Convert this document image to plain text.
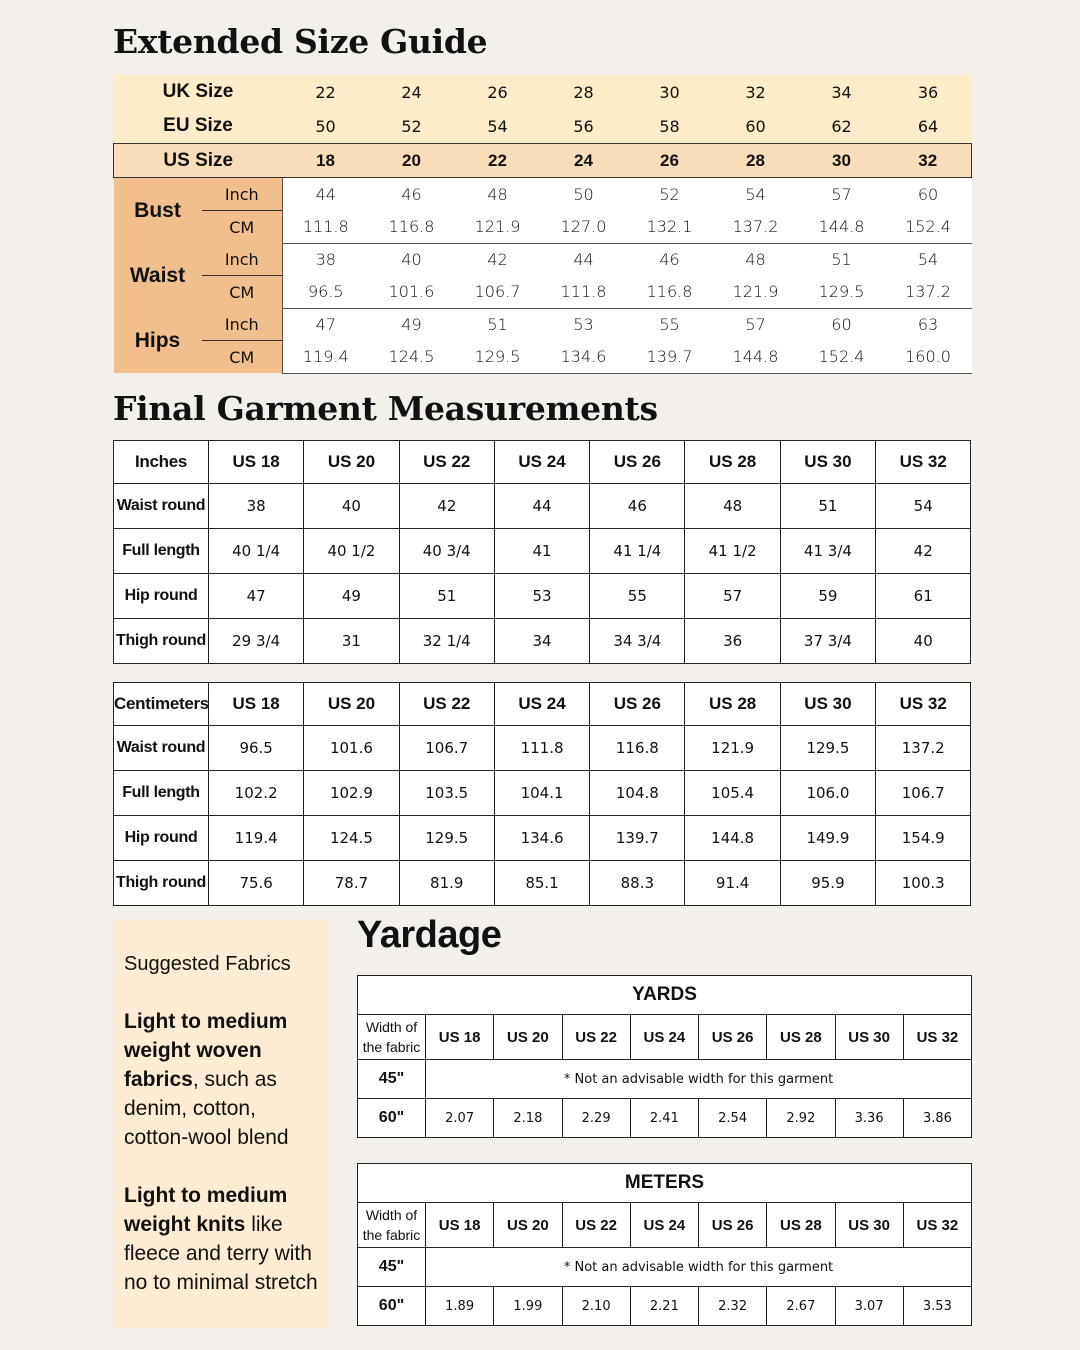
Extended Size Guide
UK Size		22	24	26	28	30	32	34	36
EU Size		50	52	54	56	58	60	62	64
US Size		18	20	22	24	26	28	30	32
Bust	Inch	44	46	48	50	52	54	57	60
	CM	111.8	116.8	121.9	127.0	132.1	137.2	144.8	152.4
Waist	Inch	38	40	42	44	46	48	51	54
	CM	96.5	101.6	106.7	111.8	116.8	121.9	129.5	137.2
Hips	Inch	47	49	51	53	55	57	60	63
	CM	119.4	124.5	129.5	134.6	139.7	144.8	152.4	160.0
Final Garment Measurements
Inches	US 18	US 20	US 22	US 24	US 26	US 28	US 30	US 32
Waist round	38	40	42	44	46	48	51	54
Full length	40 1/4	40 1/2	40 3/4	41	41 1/4	41 1/2	41 3/4	42
Hip round	47	49	51	53	55	57	59	61
Thigh round	29 3/4	31	32 1/4	34	34 3/4	36	37 3/4	40
Centimeters	US 18	US 20	US 22	US 24	US 26	US 28	US 30	US 32
Waist round	96.5	101.6	106.7	111.8	116.8	121.9	129.5	137.2
Full length	102.2	102.9	103.5	104.1	104.8	105.4	106.0	106.7
Hip round	119.4	124.5	129.5	134.6	139.7	144.8	149.9	154.9
Thigh round	75.6	78.7	81.9	85.1	88.3	91.4	95.9	100.3
Suggested Fabrics
Light to medium weight woven fabrics, such as denim, cotton, cotton-wool blend
Light to medium weight knits like fleece and terry with no to minimal stretch
Yardage
YARDS								

Width of
the fabric	US 18	US 20	US 22	US 24	US 26	US 28	US 30	US 32
45"	* Not an advisable width for this garment							
60"	2.07	2.18	2.29	2.41	2.54	2.92	3.36	3.86
METERS								

Width of
the fabric	US 18	US 20	US 22	US 24	US 26	US 28	US 30	US 32
45"	* Not an advisable width for this garment							
60"	1.89	1.99	2.10	2.21	2.32	2.67	3.07	3.53
